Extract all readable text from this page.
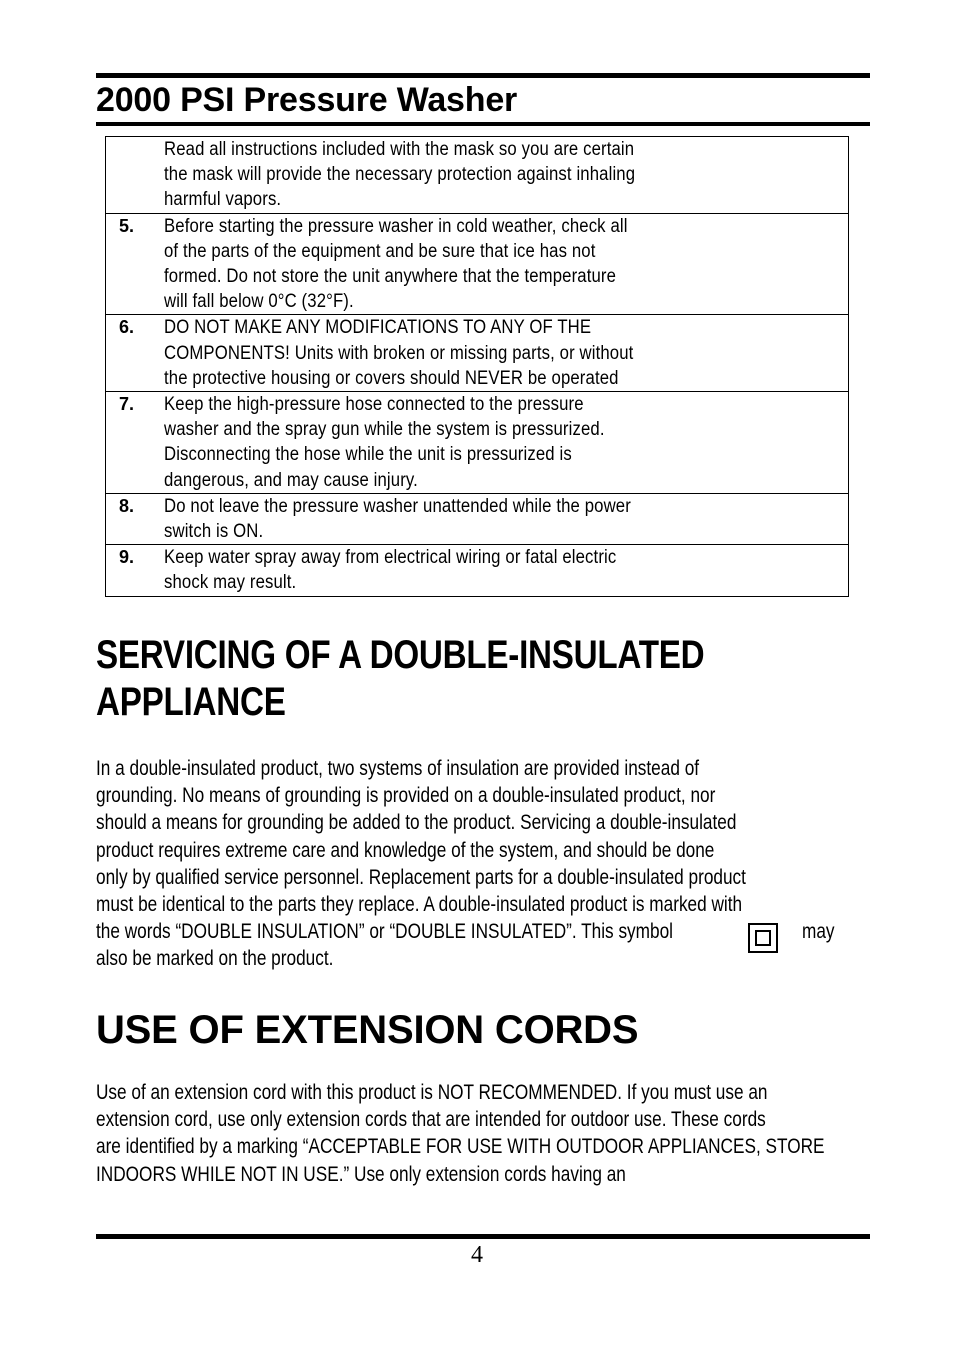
2000 PSI Pressure Washer

	Read all instructions included with the mask so you are certain
the mask will provide the necessary protection against inhaling
harmful vapors.

5.	Before starting the pressure washer in cold weather, check all
of the parts of the equipment and be sure that ice has not
formed. Do not store the unit anywhere that the temperature
will fall below 0°C (32°F).

6.	DO NOT MAKE ANY MODIFICATIONS TO ANY OF THE
COMPONENTS! Units with broken or missing parts, or without
the protective housing or covers should NEVER be operated

7.	Keep the high-pressure hose connected to the pressure
washer and the spray gun while the system is pressurized.
Disconnecting the hose while the unit is pressurized is
dangerous, and may cause injury.

8.	Do not leave the pressure washer unattended while the power
switch is ON.

9.	Keep water spray away from electrical wiring or fatal electric
shock may result.
SERVICING OF A DOUBLE-INSULATED
APPLIANCE
In a double-insulated product, two systems of insulation are provided instead of
grounding. No means of grounding is provided on a double-insulated product, nor
should a means for grounding be added to the product. Servicing a double-insulated
product requires extreme care and knowledge of the system, and should be done
only by qualified service personnel. Replacement parts for a double-insulated product
must be identical to the parts they replace. A double-insulated product is marked with
the words “DOUBLE INSULATION” or “DOUBLE INSULATED”. This symbol
also be marked on the product.
may
USE OF EXTENSION CORDS
Use of an extension cord with this product is NOT RECOMMENDED. If you must use an
extension cord, use only extension cords that are intended for outdoor use. These cords
are identified by a marking “ACCEPTABLE FOR USE WITH OUTDOOR APPLIANCES, STORE
INDOORS WHILE NOT IN USE.” Use only extension cords having an
4
